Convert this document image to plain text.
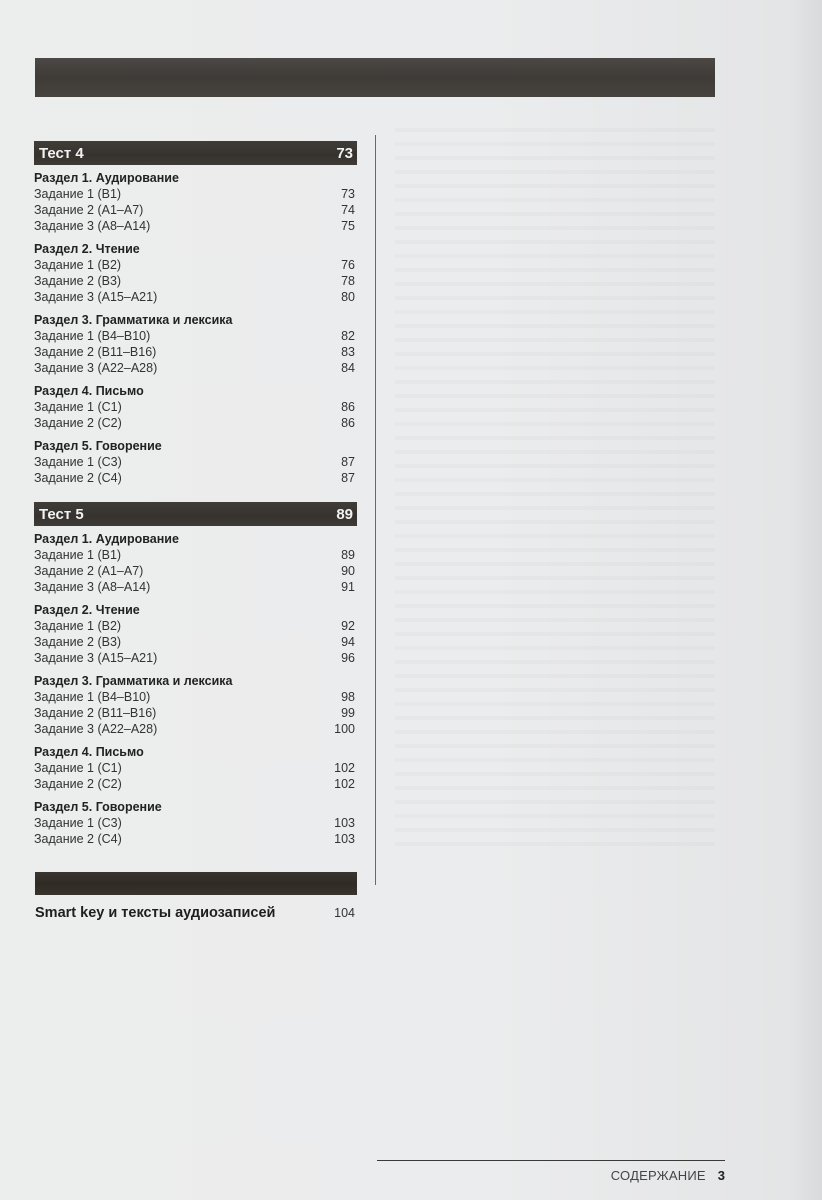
Тест 4	73
Раздел 1. Аудирование
Задание 1 (B1)	73
Задание 2 (A1–A7)	74
Задание 3 (A8–A14)	75
Раздел 2. Чтение
Задание 1 (B2)	76
Задание 2 (B3)	78
Задание 3 (A15–A21)	80
Раздел 3. Грамматика и лексика
Задание 1 (B4–B10)	82
Задание 2 (B11–B16)	83
Задание 3 (A22–A28)	84
Раздел 4. Письмо
Задание 1 (C1)	86
Задание 2 (C2)	86
Раздел 5. Говорение
Задание 1 (C3)	87
Задание 2 (C4)	87
Тест 5	89
Раздел 1. Аудирование
Задание 1 (B1)	89
Задание 2 (A1–A7)	90
Задание 3 (A8–A14)	91
Раздел 2. Чтение
Задание 1 (B2)	92
Задание 2 (B3)	94
Задание 3 (A15–A21)	96
Раздел 3. Грамматика и лексика
Задание 1 (B4–B10)	98
Задание 2 (B11–B16)	99
Задание 3 (A22–A28)	100
Раздел 4. Письмо
Задание 1 (C1)	102
Задание 2 (C2)	102
Раздел 5. Говорение
Задание 1 (C3)	103
Задание 2 (C4)	103
Smart key и тексты аудиозаписей	104
СОДЕРЖАНИЕ 3
